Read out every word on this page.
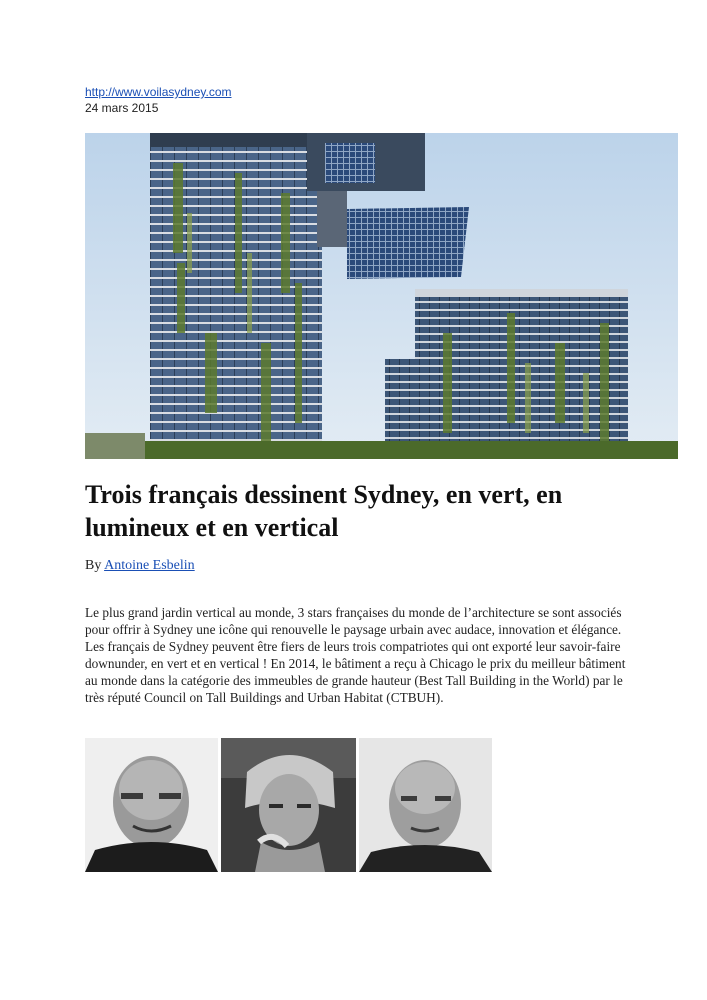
http://www.voilasydney.com
24 mars 2015
Trois français dessinent Sydney, en vert, en lumineux et en vertical
By Antoine Esbelin

Le plus grand jardin vertical au monde, 3 stars françaises du monde de l’architecture se sont associés pour offrir à Sydney une icône qui renouvelle le paysage urbain avec audace, innovation et élégance. Les français de Sydney peuvent être fiers de leurs trois compatriotes qui ont exporté leur savoir-faire downunder, en vert et en vertical ! En 2014, le bâtiment a reçu à Chicago le prix du meilleur bâtiment au monde dans la catégorie des immeubles de grande hauteur (Best Tall Building in the World) par le très réputé Council on Tall Buildings and Urban Habitat (CTBUH).
